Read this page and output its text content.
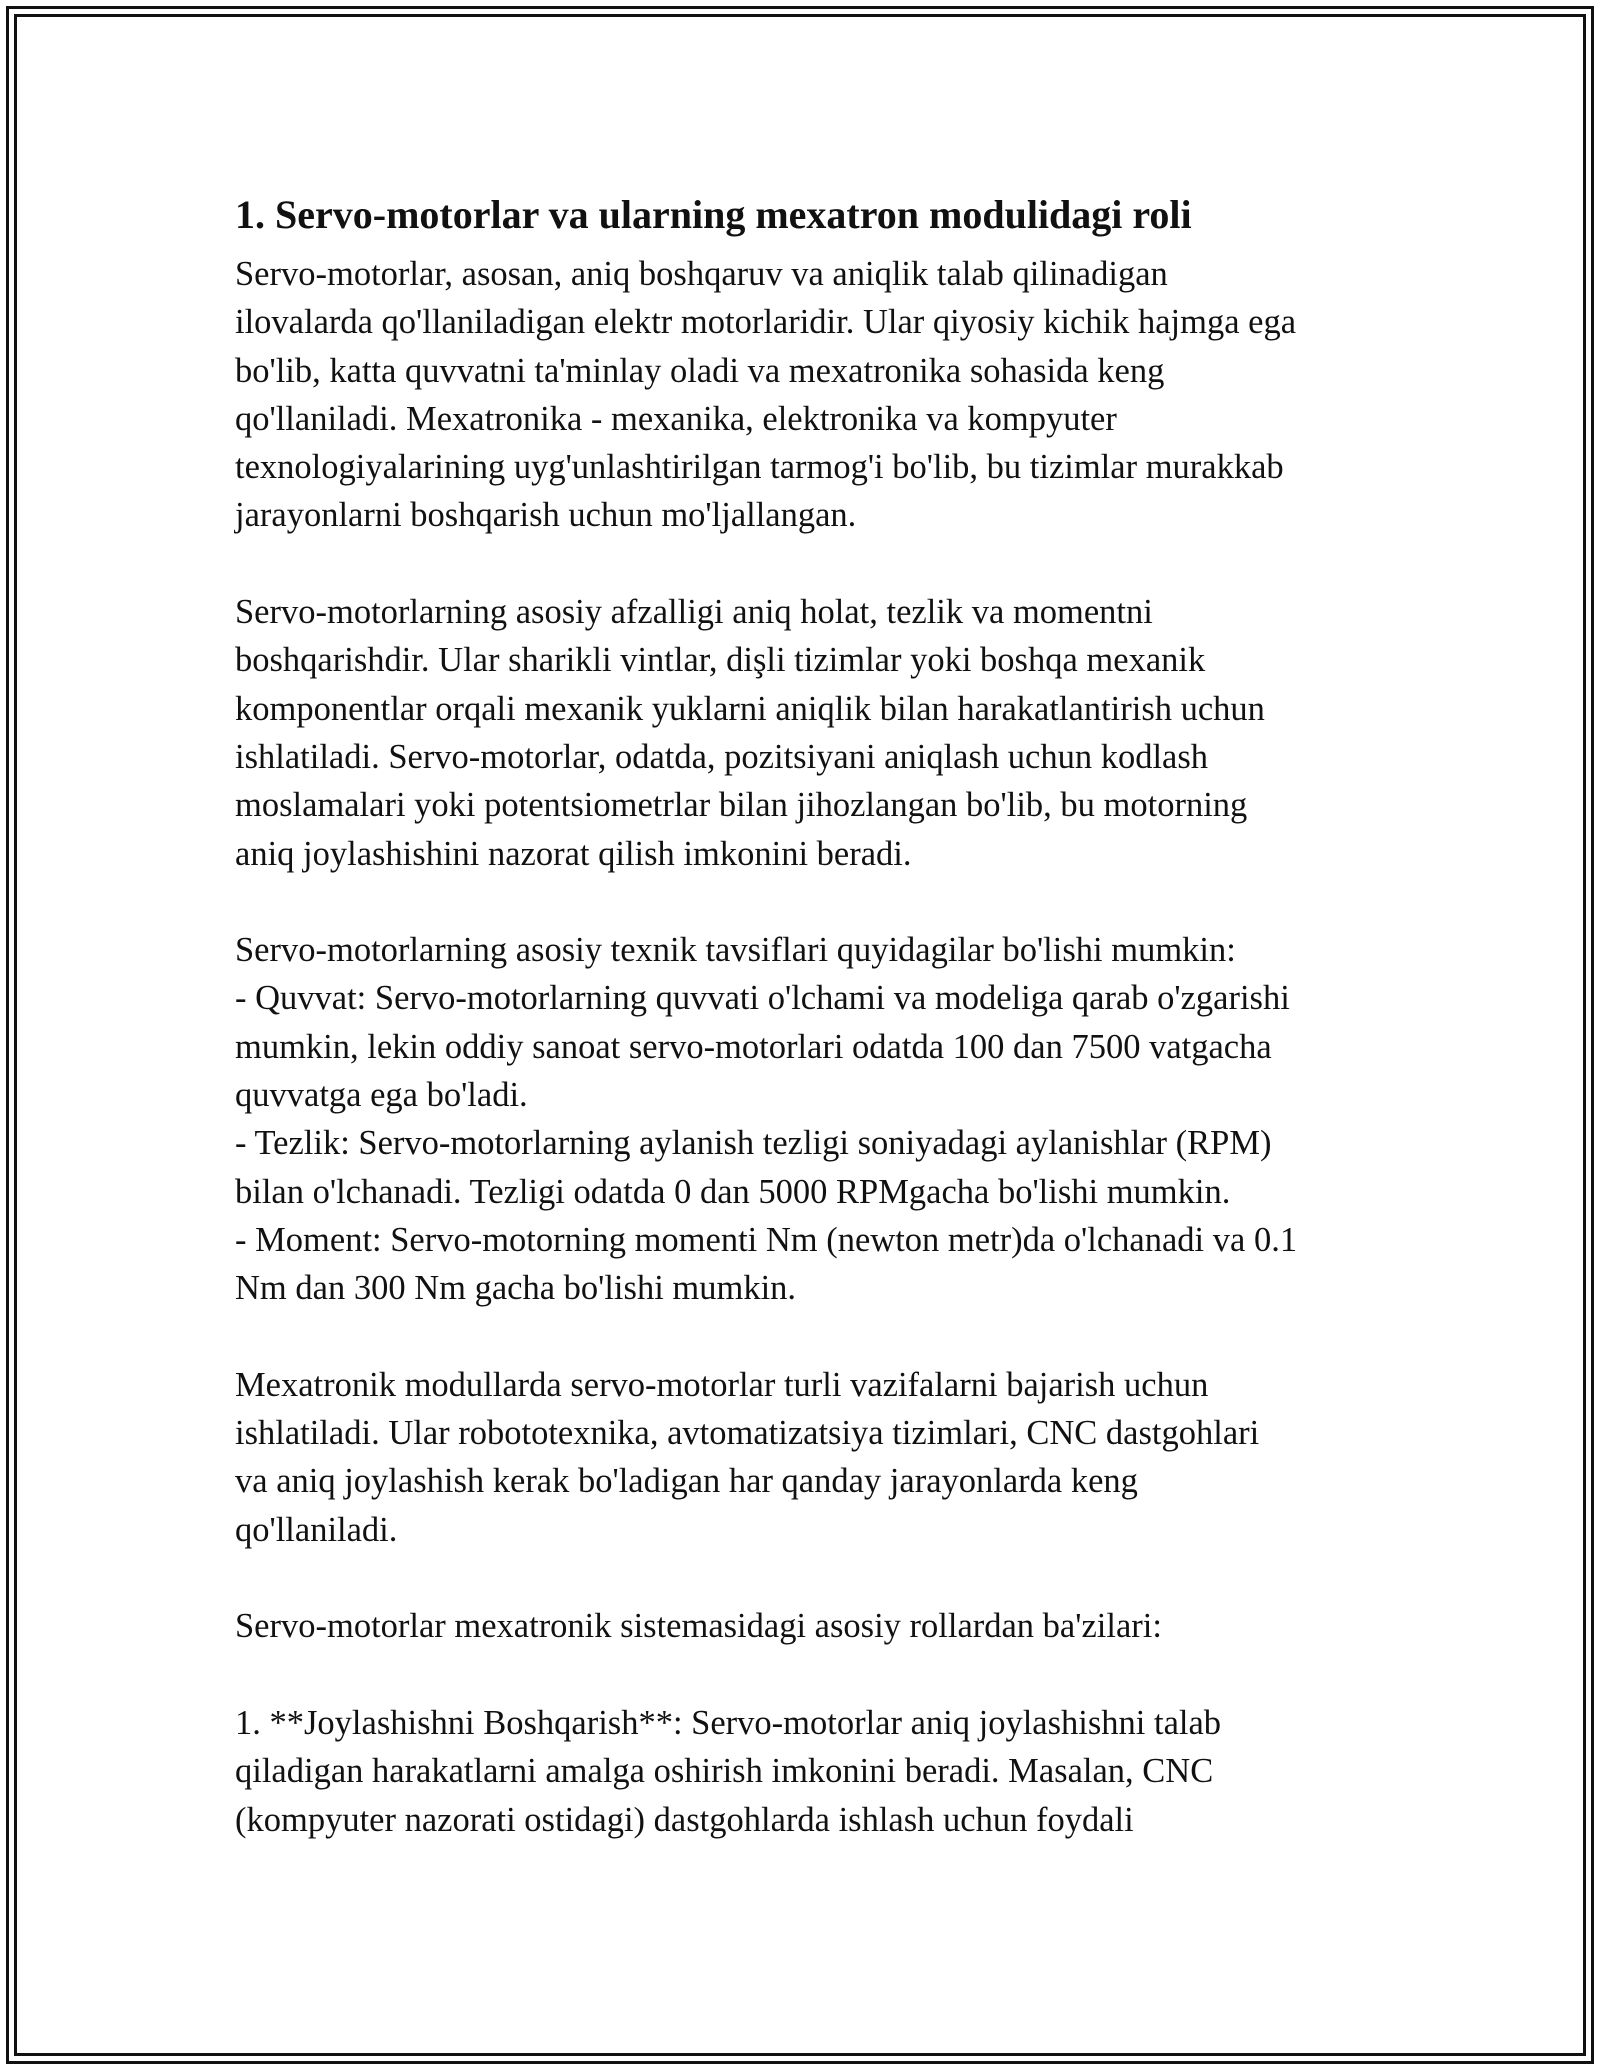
1. Servo-motorlar va ularning mexatron modulidagi roli
Servo-motorlar, asosan, aniq boshqaruv va aniqlik talab qilinadigan
ilovalarda qo'llaniladigan elektr motorlaridir. Ular qiyosiy kichik hajmga ega
bo'lib, katta quvvatni ta'minlay oladi va mexatronika sohasida keng
qo'llaniladi. Mexatronika - mexanika, elektronika va kompyuter
texnologiyalarining uyg'unlashtirilgan tarmog'i bo'lib, bu tizimlar murakkab
jarayonlarni boshqarish uchun mo'ljallangan.
Servo-motorlarning asosiy afzalligi aniq holat, tezlik va momentni
boshqarishdir. Ular sharikli vintlar, dişli tizimlar yoki boshqa mexanik
komponentlar orqali mexanik yuklarni aniqlik bilan harakatlantirish uchun
ishlatiladi. Servo-motorlar, odatda, pozitsiyani aniqlash uchun kodlash
moslamalari yoki potentsiometrlar bilan jihozlangan bo'lib, bu motorning
aniq joylashishini nazorat qilish imkonini beradi.
Servo-motorlarning asosiy texnik tavsiflari quyidagilar bo'lishi mumkin:
- Quvvat: Servo-motorlarning quvvati o'lchami va modeliga qarab o'zgarishi
mumkin, lekin oddiy sanoat servo-motorlari odatda 100 dan 7500 vatgacha
quvvatga ega bo'ladi.
- Tezlik: Servo-motorlarning aylanish tezligi soniyadagi aylanishlar (RPM)
bilan o'lchanadi. Tezligi odatda 0 dan 5000 RPMgacha bo'lishi mumkin.
- Moment: Servo-motorning momenti Nm (newton metr)da o'lchanadi va 0.1
Nm dan 300 Nm gacha bo'lishi mumkin.
Mexatronik modullarda servo-motorlar turli vazifalarni bajarish uchun
ishlatiladi. Ular robototexnika, avtomatizatsiya tizimlari, CNC dastgohlari
va aniq joylashish kerak bo'ladigan har qanday jarayonlarda keng
qo'llaniladi.
Servo-motorlar mexatronik sistemasidagi asosiy rollardan ba'zilari:
1. **Joylashishni Boshqarish**: Servo-motorlar aniq joylashishni talab
qiladigan harakatlarni amalga oshirish imkonini beradi. Masalan, CNC
(kompyuter nazorati ostidagi) dastgohlarda ishlash uchun foydali
